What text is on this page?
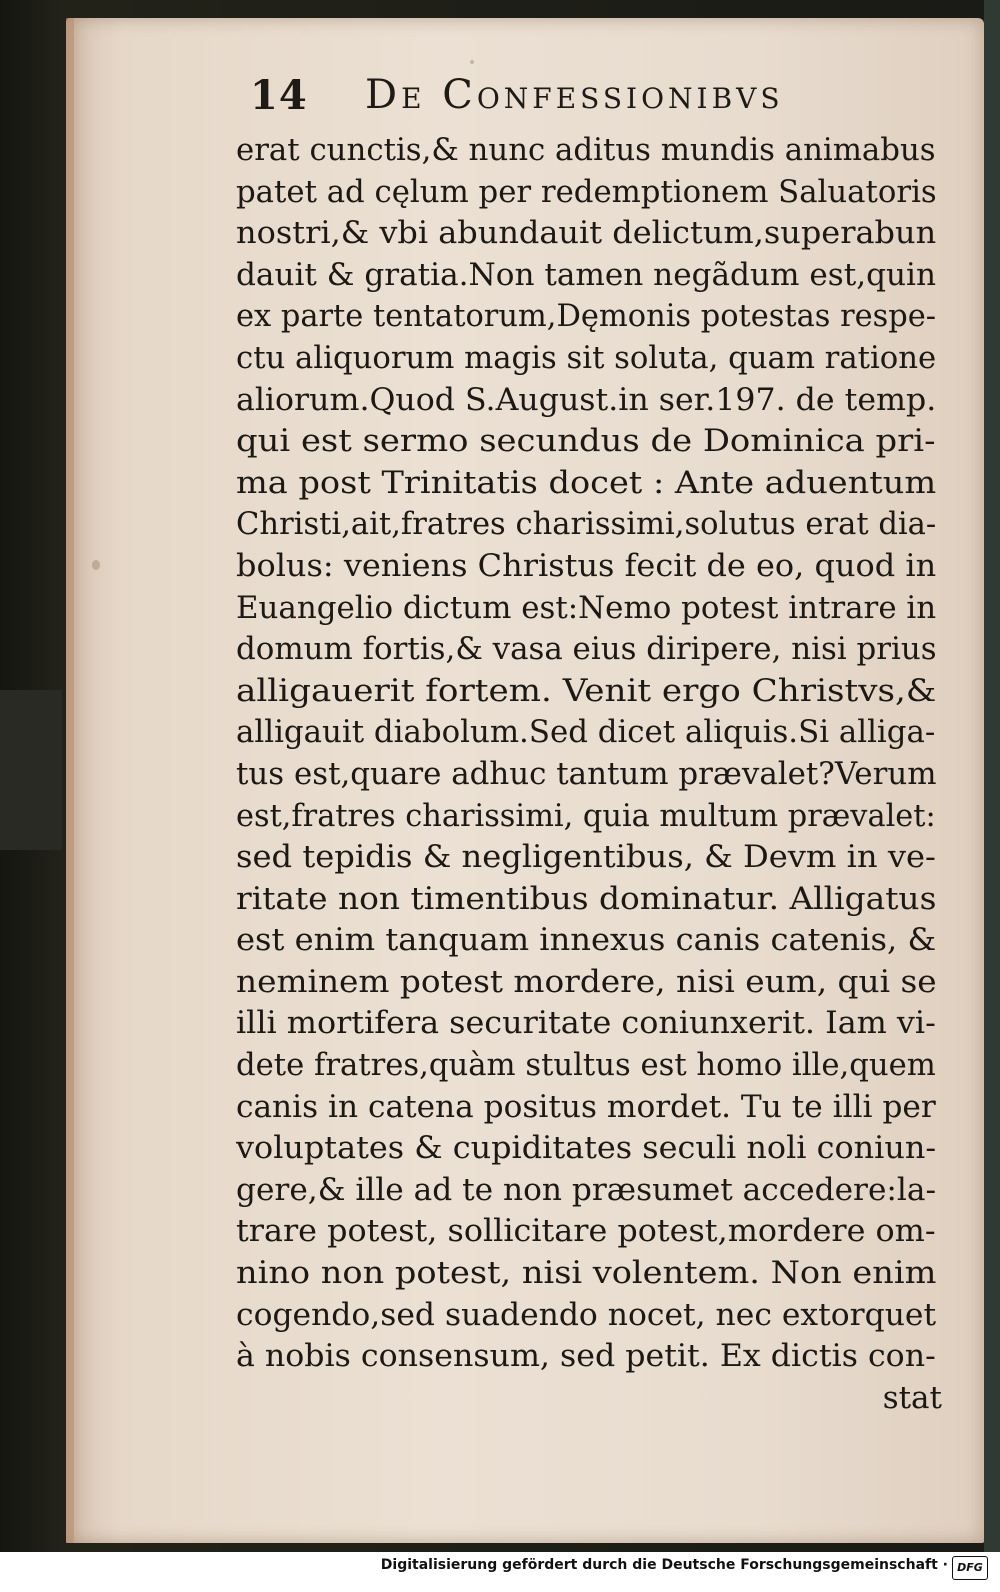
14 De Confessionibvs
erat cunctis,& nunc aditus mundis animabus
patet ad cęlum per redemptionem Saluatoris
nostri,& vbi abundauit delictum,superabun
dauit & gratia.Non tamen negãdum est,quin
ex parte tentatorum,Dęmonis potestas respe-
ctu aliquorum magis sit soluta, quam ratione
aliorum.Quod S.August.in ser.197. de temp.
qui est sermo secundus de Dominica pri-
ma post Trinitatis docet : Ante aduentum
Christi,ait,fratres charissimi,solutus erat dia-
bolus: veniens Christus fecit de eo, quod in
Euangelio dictum est:Nemo potest intrare in
domum fortis,& vasa eius diripere, nisi prius
alligauerit fortem. Venit ergo Christvs,&
alligauit diabolum.Sed dicet aliquis.Si alliga-
tus est,quare adhuc tantum prævalet?Verum
est,fratres charissimi, quia multum prævalet:
sed tepidis & negligentibus, & Devm in ve-
ritate non timentibus dominatur. Alligatus
est enim tanquam innexus canis catenis, &
neminem potest mordere, nisi eum, qui se
illi mortifera securitate coniunxerit. Iam vi-
dete fratres,quàm stultus est homo ille,quem
canis in catena positus mordet. Tu te illi per
voluptates & cupiditates seculi noli coniun-
gere,& ille ad te non præsumet accedere:la-
trare potest, sollicitare potest,mordere om-
nino non potest, nisi volentem. Non enim
cogendo,sed suadendo nocet, nec extorquet
à nobis consensum, sed petit. Ex dictis con-
stat
Digitalisierung gefördert durch die Deutsche Forschungsgemeinschaft · DFG
